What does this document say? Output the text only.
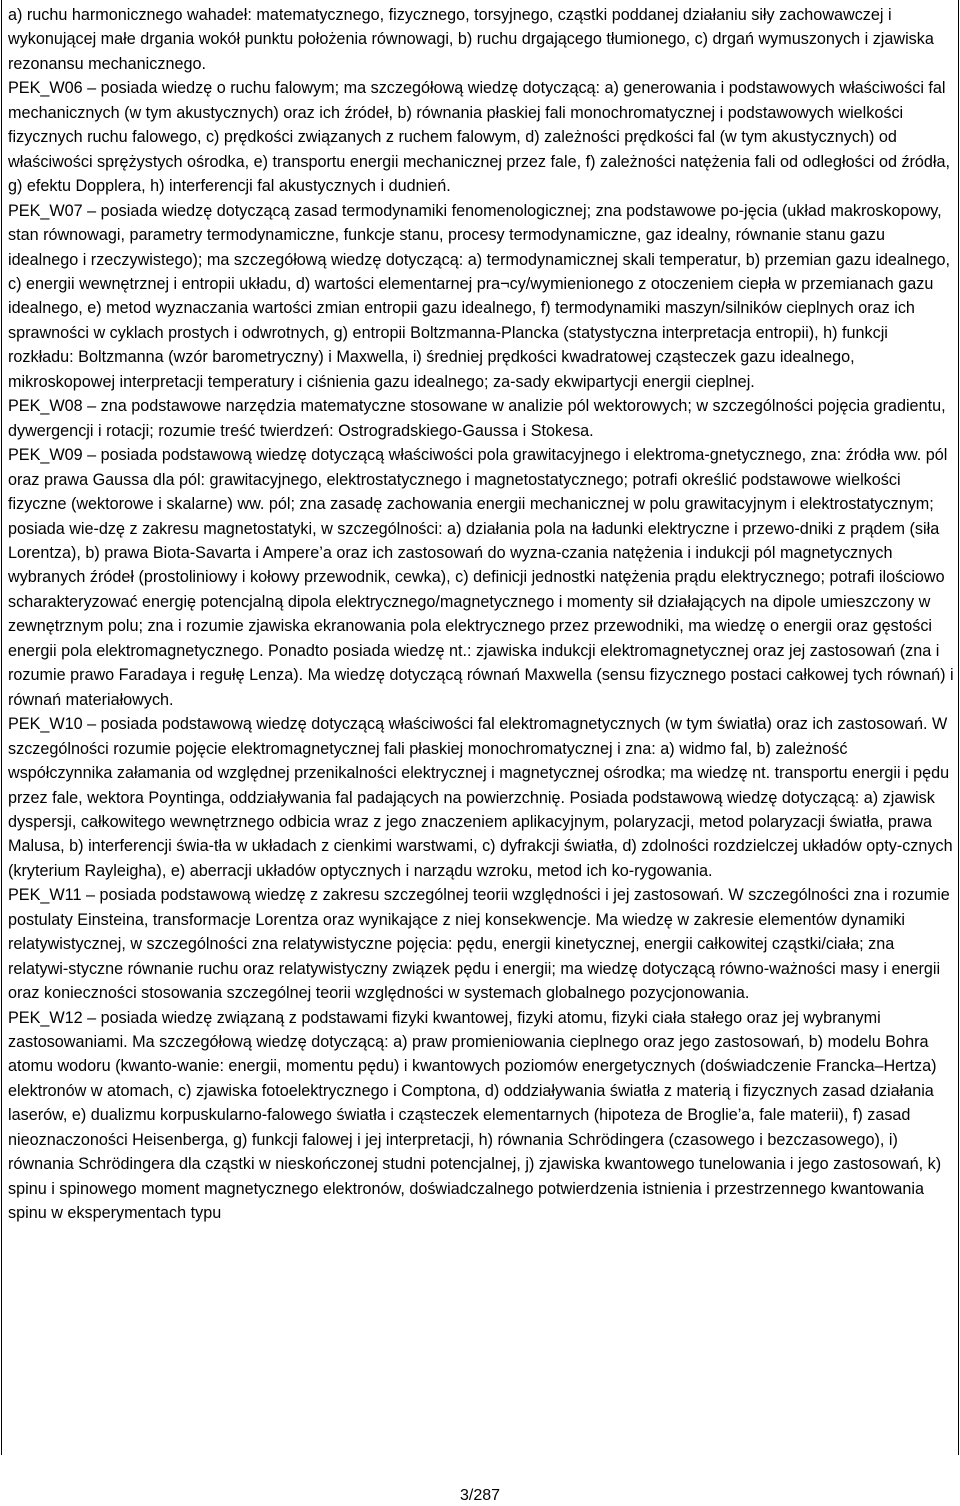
a) ruchu harmonicznego wahadeł: matematycznego, fizycznego, torsyjnego, cząstki poddanej działaniu siły zachowawczej i wykonującej małe drgania wokół punktu położenia równowagi, b) ruchu drgającego tłumionego, c) drgań wymuszonych i zjawiska rezonansu mechanicznego.

PEK_W06 – posiada wiedzę o ruchu falowym; ma szczegółową wiedzę dotyczącą: a) generowania i podstawowych właściwości fal mechanicznych (w tym akustycznych) oraz ich źródeł, b) równania płaskiej fali monochromatycznej i podstawowych wielkości fizycznych ruchu falowego, c) prędkości związanych z ruchem falowym, d) zależności prędkości fal (w tym akustycznych) od właściwości sprężystych ośrodka, e) transportu energii mechanicznej przez fale, f) zależności natężenia fali od odległości od źródła, g) efektu Dopplera, h) interferencji fal akustycznych i dudnień.

PEK_W07 – posiada wiedzę dotyczącą zasad termodynamiki fenomenologicznej; zna podstawowe po-jęcia (układ makroskopowy, stan równowagi, parametry termodynamiczne, funkcje stanu, procesy termodynamiczne, gaz idealny, równanie stanu gazu idealnego i rzeczywistego); ma szczegółową wiedzę dotyczącą: a) termodynamicznej skali temperatur, b) przemian gazu idealnego, c) energii wewnętrznej i entropii układu, d) wartości elementarnej pra¬cy/wymienionego z otoczeniem ciepła w przemianach gazu idealnego, e) metod wyznaczania wartości zmian entropii gazu idealnego, f) termodynamiki maszyn/silników cieplnych oraz ich sprawności w cyklach prostych i odwrotnych, g) entropii Boltzmanna-Plancka (statystyczna interpretacja entropii), h) funkcji rozkładu: Boltzmanna (wzór barometryczny) i Maxwella, i) średniej prędkości kwadratowej cząsteczek gazu idealnego, mikroskopowej interpretacji temperatury i ciśnienia gazu idealnego; za-sady ekwipartycji energii cieplnej.

PEK_W08 – zna podstawowe narzędzia matematyczne stosowane w analizie pól wektorowych; w szczególności pojęcia gradientu, dywergencji i rotacji; rozumie treść twierdzeń: Ostrogradskiego-Gaussa i Stokesa.

PEK_W09 – posiada podstawową wiedzę dotyczącą właściwości pola grawitacyjnego i elektroma-gnetycznego, zna: źródła ww. pól oraz prawa Gaussa dla pól: grawitacyjnego, elektrostatycznego i magnetostatycznego; potrafi określić podstawowe wielkości fizyczne (wektorowe i skalarne) ww. pól; zna zasadę zachowania energii mechanicznej w polu grawitacyjnym i elektrostatycznym; posiada wie-dzę z zakresu magnetostatyki, w szczególności: a) działania pola na ładunki elektryczne i przewo-dniki z prądem (siła Lorentza), b) prawa Biota-Savarta i Ampere’a oraz ich zastosowań do wyzna-czania natężenia i indukcji pól magnetycznych wybranych źródeł (prostoliniowy i kołowy przewodnik, cewka), c) definicji jednostki natężenia prądu elektrycznego; potrafi ilościowo scharakteryzować energię potencjalną dipola elektrycznego/magnetycznego i momenty sił działających na dipole umieszczony w zewnętrznym polu; zna i rozumie zjawiska ekranowania pola elektrycznego przez przewodniki, ma wiedzę o energii oraz gęstości energii pola elektromagnetycznego. Ponadto posiada wiedzę nt.: zjawiska indukcji elektromagnetycznej oraz jej zastosowań (zna i rozumie prawo Faradaya i regułę Lenza). Ma wiedzę dotyczącą równań Maxwella (sensu fizycznego postaci całkowej tych równań) i równań materiałowych.

PEK_W10 – posiada podstawową wiedzę dotyczącą właściwości fal elektromagnetycznych (w tym światła) oraz ich zastosowań. W szczególności rozumie pojęcie elektromagnetycznej fali płaskiej monochromatycznej i zna: a) widmo fal, b) zależność współczynnika załamania od względnej przenikalności elektrycznej i magnetycznej ośrodka; ma wiedzę nt. transportu energii i pędu przez fale, wektora Poyntinga, oddziaływania fal padających na powierzchnię. Posiada podstawową wiedzę dotyczącą: a) zjawisk dyspersji, całkowitego wewnętrznego odbicia wraz z jego znaczeniem aplikacyjnym, polaryzacji, metod polaryzacji światła, prawa Malusa, b) interferencji świa-tła w układach z cienkimi warstwami, c) dyfrakcji światła, d) zdolności rozdzielczej układów opty-cznych (kryterium Rayleigha), e) aberracji układów optycznych i narządu wzroku, metod ich ko-rygowania.

PEK_W11 – posiada podstawową wiedzę z zakresu szczególnej teorii względności i jej zastosowań. W szczególności zna i rozumie postulaty Einsteina, transformacje Lorentza oraz wynikające z niej konsekwencje. Ma wiedzę w zakresie elementów dynamiki relatywistycznej, w szczególności zna relatywistyczne pojęcia: pędu, energii kinetycznej, energii całkowitej cząstki/ciała; zna relatywi-styczne równanie ruchu oraz relatywistyczny związek pędu i energii; ma wiedzę dotyczącą równo-ważności masy i energii oraz konieczności stosowania szczególnej teorii względności w systemach globalnego pozycjonowania.

PEK_W12 – posiada wiedzę związaną z podstawami fizyki kwantowej, fizyki atomu, fizyki ciała stałego oraz jej wybranymi zastosowaniami. Ma szczegółową wiedzę dotyczącą: a) praw promieniowania cieplnego oraz jego zastosowań, b) modelu Bohra atomu wodoru (kwanto-wanie: energii, momentu pędu) i kwantowych poziomów energetycznych (doświadczenie Francka–Hertza) elektronów w atomach, c) zjawiska fotoelektrycznego i Comptona, d) oddziaływania światła z materią i fizycznych zasad działania laserów, e) dualizmu korpuskularno-falowego światła i cząsteczek elementarnych (hipoteza de Broglie’a, fale materii), f) zasad nieoznaczoności Heisenberga, g) funkcji falowej i jej interpretacji, h) równania Schrödingera (czasowego i bezczasowego), i) równania Schrödingera dla cząstki w nieskończonej studni potencjalnej, j) zjawiska kwantowego tunelowania i jego zastosowań, k) spinu i spinowego moment magnetycznego elektronów, doświadczalnego potwierdzenia istnienia i przestrzennego kwantowania spinu w eksperymentach typu

3/287
